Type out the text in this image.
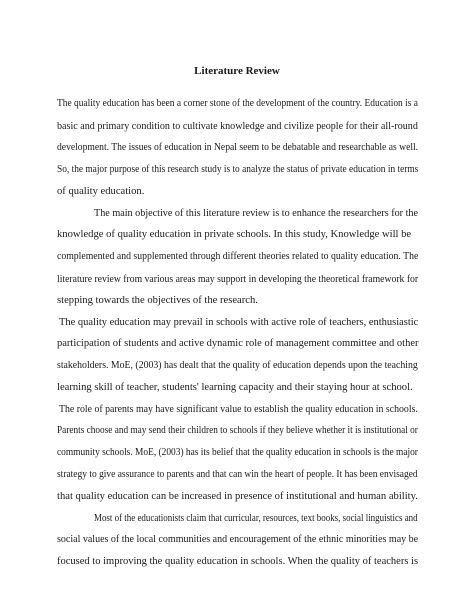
Literature Review
The quality education has been a corner stone of the development of the country. Education is a
basic and primary condition to cultivate knowledge and civilize people for their all-round
development. The issues of education in Nepal seem to be debatable and researchable as well.
So, the major purpose of this research study is to analyze the status of private education in terms
of quality education.
The main objective of this literature review is to enhance the researchers for the
knowledge of quality education in private schools. In this study, Knowledge will be
complemented and supplemented through different theories related to quality education. The
literature review from various areas may support in developing the theoretical framework for
stepping towards the objectives of the research.
The quality education may prevail in schools with active role of teachers, enthusiastic
participation of students and active dynamic role of management committee and other
stakeholders. MoE, (2003) has dealt that the quality of education depends upon the teaching
learning skill of teacher, students' learning capacity and their staying hour at school.
The role of parents may have significant value to establish the quality education in schools.
Parents choose and may send their children to schools if they believe whether it is institutional or
community schools. MoE, (2003) has its belief that the quality education in schools is the major
strategy to give assurance to parents and that can win the heart of people. It has been envisaged
that quality education can be increased in presence of institutional and human ability.
Most of the educationists claim that curricular, resources, text books, social linguistics and
social values of the local communities and encouragement of the ethnic minorities may be
focused to improving the quality education in schools. When the quality of teachers is
